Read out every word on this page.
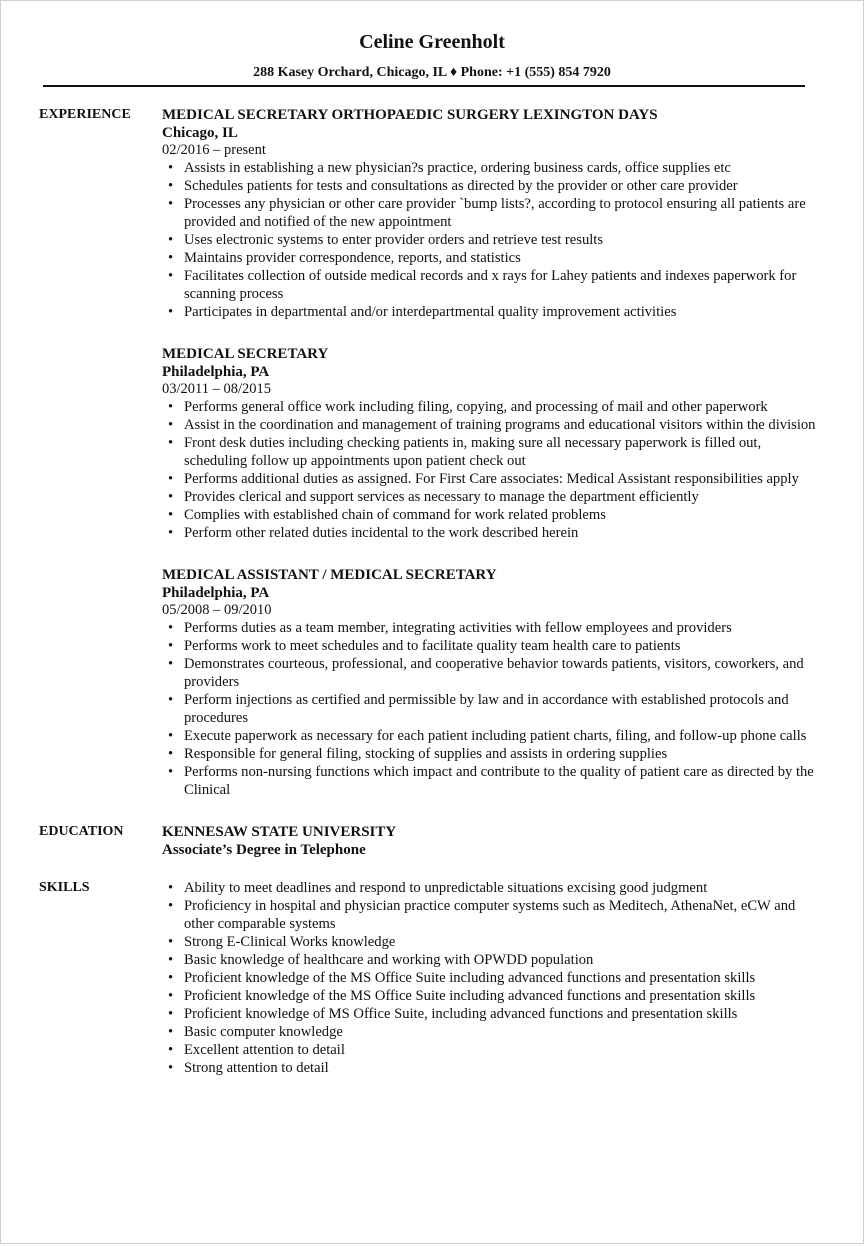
Celine Greenholt
288 Kasey Orchard, Chicago, IL ♦ Phone: +1 (555) 854 7920
EXPERIENCE MEDICAL SECRETARY ORTHOPAEDIC SURGERY LEXINGTON DAYS
Chicago, IL
02/2016 – present
• Assists in establishing a new physician?s practice, ordering business cards, office supplies etc
• Schedules patients for tests and consultations as directed by the provider or other care provider
• Processes any physician or other care provider `bump lists?, according to protocol ensuring all patients are provided and notified of the new appointment
• Uses electronic systems to enter provider orders and retrieve test results
• Maintains provider correspondence, reports, and statistics
• Facilitates collection of outside medical records and x rays for Lahey patients and indexes paperwork for scanning process
• Participates in departmental and/or interdepartmental quality improvement activities
MEDICAL SECRETARY
Philadelphia, PA
03/2011 – 08/2015
• Performs general office work including filing, copying, and processing of mail and other paperwork
• Assist in the coordination and management of training programs and educational visitors within the division
• Front desk duties including checking patients in, making sure all necessary paperwork is filled out, scheduling follow up appointments upon patient check out
• Performs additional duties as assigned. For First Care associates: Medical Assistant responsibilities apply
• Provides clerical and support services as necessary to manage the department efficiently
• Complies with established chain of command for work related problems
• Perform other related duties incidental to the work described herein
MEDICAL ASSISTANT / MEDICAL SECRETARY
Philadelphia, PA
05/2008 – 09/2010
• Performs duties as a team member, integrating activities with fellow employees and providers
• Performs work to meet schedules and to facilitate quality team health care to patients
• Demonstrates courteous, professional, and cooperative behavior towards patients, visitors, coworkers, and providers
• Perform injections as certified and permissible by law and in accordance with established protocols and procedures
• Execute paperwork as necessary for each patient including patient charts, filing, and follow-up phone calls
• Responsible for general filing, stocking of supplies and assists in ordering supplies
• Performs non-nursing functions which impact and contribute to the quality of patient care as directed by the Clinical
EDUCATION	KENNESAW STATE UNIVERSITY
Associate’s Degree in Telephone
SKILLS
•	Ability to meet deadlines and respond to unpredictable situations excising good judgment
• Proficiency in hospital and physician practice computer systems such as Meditech, AthenaNet, eCW and other comparable systems
• Strong E-Clinical Works knowledge
• Basic knowledge of healthcare and working with OPWDD population
• Proficient knowledge of the MS Office Suite including advanced functions and presentation skills
• Proficient knowledge of the MS Office Suite including advanced functions and presentation skills
• Proficient knowledge of MS Office Suite, including advanced functions and presentation skills
• Basic computer knowledge
• Excellent attention to detail
• Strong attention to detail
